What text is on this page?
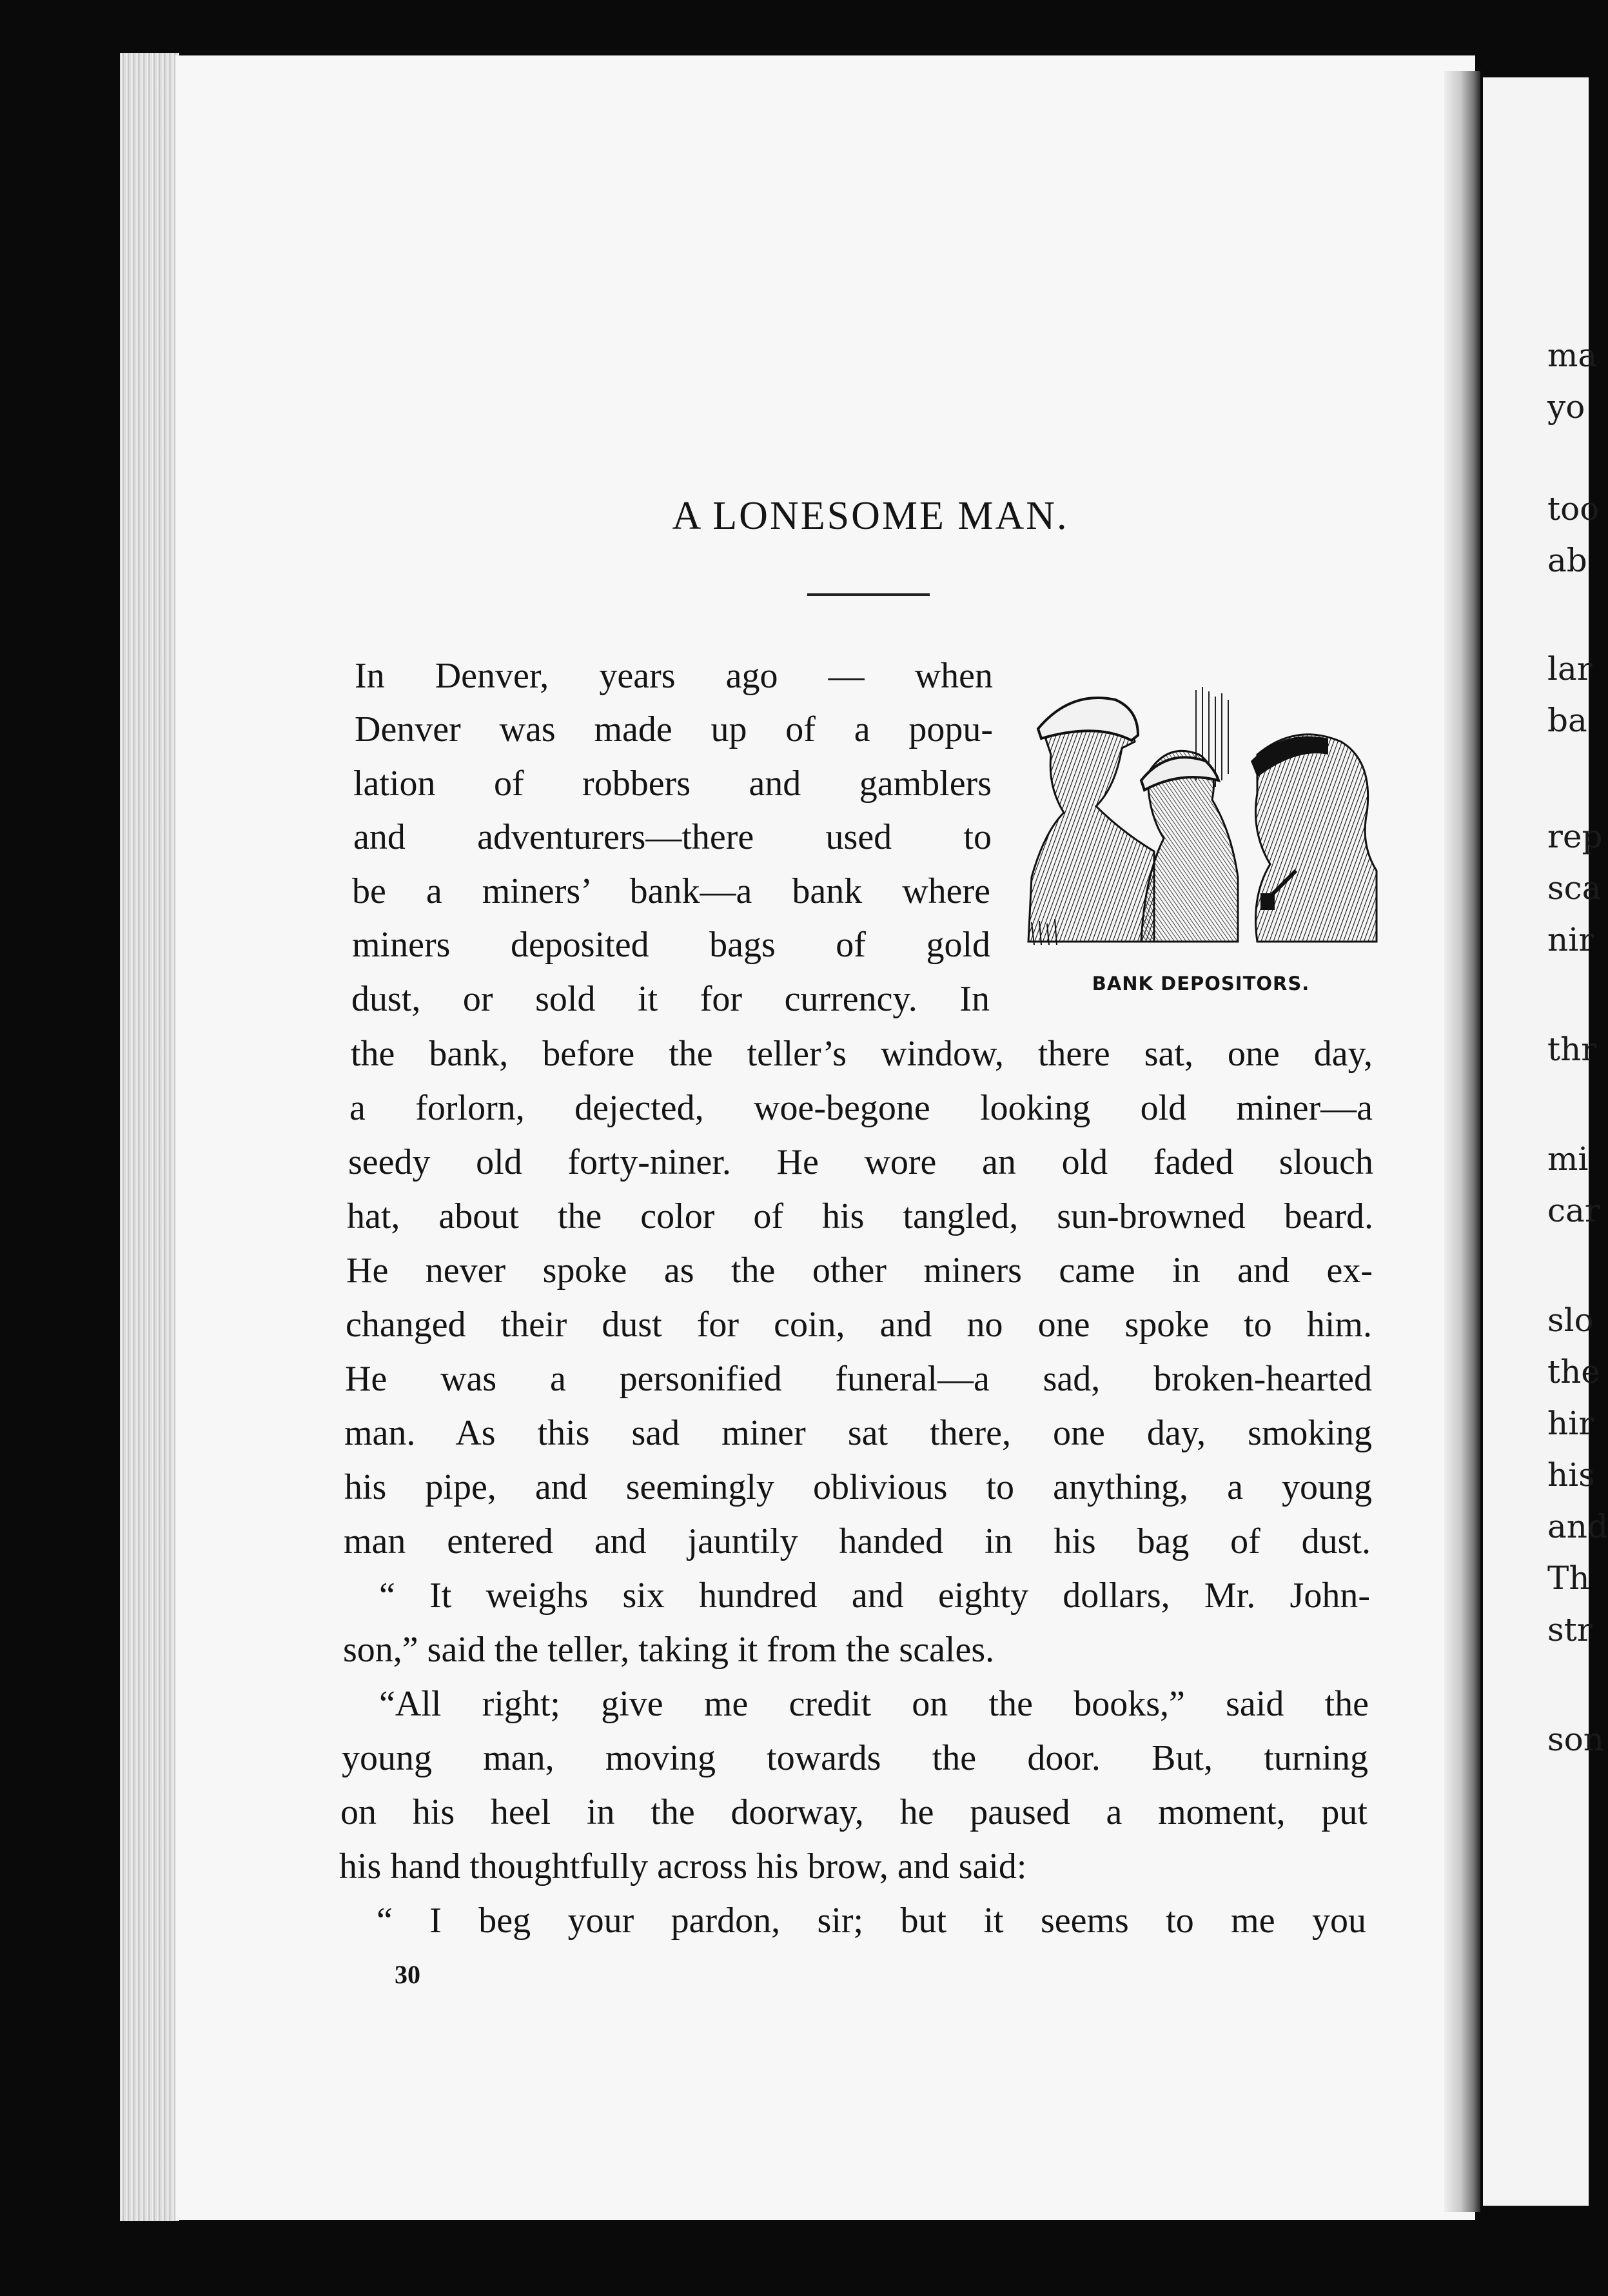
ma
yo
too
ab
lar
ba
rep
sca
nir
thr
mi
car
slo
the
hir
his
and
Th
str
son
A LONESOME MAN.
BANK DEPOSITORS.
In Denver, years ago — when
Denver was made up of a popu-
lation of robbers and gamblers
and adventurers—there used to
be a miners’ bank—a bank where
miners deposited bags of gold
dust, or sold it for currency. In
the bank, before the teller’s window, there sat, one day,
a forlorn, dejected, woe-begone looking old miner—a
seedy old forty-niner. He wore an old faded slouch
hat, about the color of his tangled, sun-browned beard.
He never spoke as the other miners came in and ex-
changed their dust for coin, and no one spoke to him.
He was a personified funeral—a sad, broken-hearted
man. As this sad miner sat there, one day, smoking
his pipe, and seemingly oblivious to anything, a young
man entered and jauntily handed in his bag of dust.
“ It weighs six hundred and eighty dollars, Mr. John-
son,” said the teller, taking it from the scales.
“All right; give me credit on the books,” said the
young man, moving towards the door. But, turning
on his heel in the doorway, he paused a moment, put
his hand thoughtfully across his brow, and said:
“ I beg your pardon, sir; but it seems to me you
30
